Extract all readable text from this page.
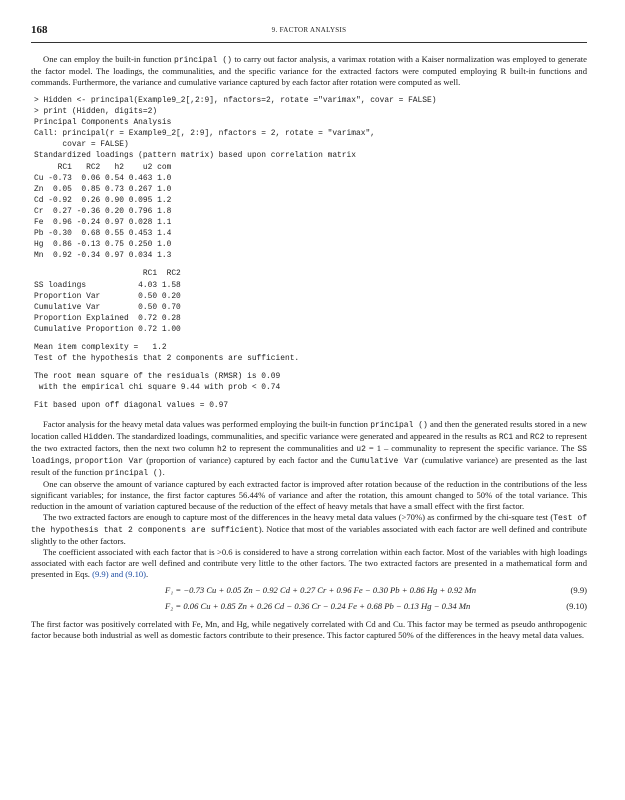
168	9. FACTOR ANALYSIS

One can employ the built-in function principal () to carry out factor analysis, a varimax rotation with a Kaiser normalization was employed to generate the factor model. The loadings, the communalities, and the specific variance for the extracted factors were computed employing R built-in functions and commands. Furthermore, the variance and cumulative variance captured by each factor after rotation were computed as well.

> Hidden <- principal(Example9_2[,2:9], nfactors=2, rotate ="varimax", covar = FALSE)
> print (Hidden, digits=2)
Principal Components Analysis
Call: principal(r = Example9_2[, 2:9], nfactors = 2, rotate = "varimax",
covar = FALSE)
Standardized loadings (pattern matrix) based upon correlation matrix
RC1   RC2   h2    u2 com
Cu -0.73  0.06 0.54 0.463 1.0
Zn  0.05  0.85 0.73 0.267 1.0
Cd -0.92  0.26 0.90 0.095 1.2
Cr  0.27 -0.36 0.20 0.796 1.8
Fe  0.96 -0.24 0.97 0.028 1.1
Pb -0.30  0.68 0.55 0.453 1.4
Hg  0.86 -0.13 0.75 0.250 1.0
Mn  0.92 -0.34 0.97 0.034 1.3
RC1  RC2
SS loadings           4.03 1.58
Proportion Var        0.50 0.20
Cumulative Var        0.50 0.70
Proportion Explained  0.72 0.28
Cumulative Proportion 0.72 1.00
Mean item complexity =   1.2
Test of the hypothesis that 2 components are sufficient.
The root mean square of the residuals (RMSR) is 0.09
with the empirical chi square 9.44 with prob < 0.74
Fit based upon off diagonal values = 0.97

Factor analysis for the heavy metal data values was performed employing the built-in function principal () and then the generated results stored in a new location called Hidden. The standardized loadings, communalities, and specific variance were generated and appeared in the results as RC1 and RC2 to represent the two extracted factors, then the next two column h2 to represent the communalities and u2 = 1 – communality to represent the specific variance. The SS loadings, proportion Var (proportion of variance) captured by each factor and the Cumulative Var (cumulative variance) are presented as the last result of the function principal ().

One can observe the amount of variance captured by each extracted factor is improved after rotation because of the reduction in the contributions of the less significant variables; for instance, the first factor captures 56.44% of variance and after the rotation, this amount changed to 50% of the total variance. This reduction in the amount of variation captured because of the reduction of the effect of heavy metals that have a small effect with the first factor.

The two extracted factors are enough to capture most of the differences in the heavy metal data values (>70%) as confirmed by the chi-square test (Test of the hypothesis that 2 components are sufficient). Notice that most of the variables associated with each factor are well defined and contribute slightly to the other factors.

The coefficient associated with each factor that is >0.6 is considered to have a strong correlation within each factor. Most of the variables with high loadings associated with each factor are well defined and contribute very little to the other factors. The two extracted factors are presented in a mathematical form and presented in Eqs. (9.9) and (9.10).

F₁ = −0.73 Cu + 0.05 Zn − 0.92 Cd + 0.27 Cr + 0.96 Fe − 0.30 Pb + 0.86 Hg + 0.92 Mn	(9.9)
F₂ = 0.06 Cu + 0.85 Zn + 0.26 Cd − 0.36 Cr − 0.24 Fe + 0.68 Pb − 0.13 Hg − 0.34 Mn	(9.10)

The first factor was positively correlated with Fe, Mn, and Hg, while negatively correlated with Cd and Cu. This factor may be termed as pseudo anthropogenic factor because both industrial as well as domestic factors contribute to their presence. This factor captured 50% of the differences in the heavy metal data values.
